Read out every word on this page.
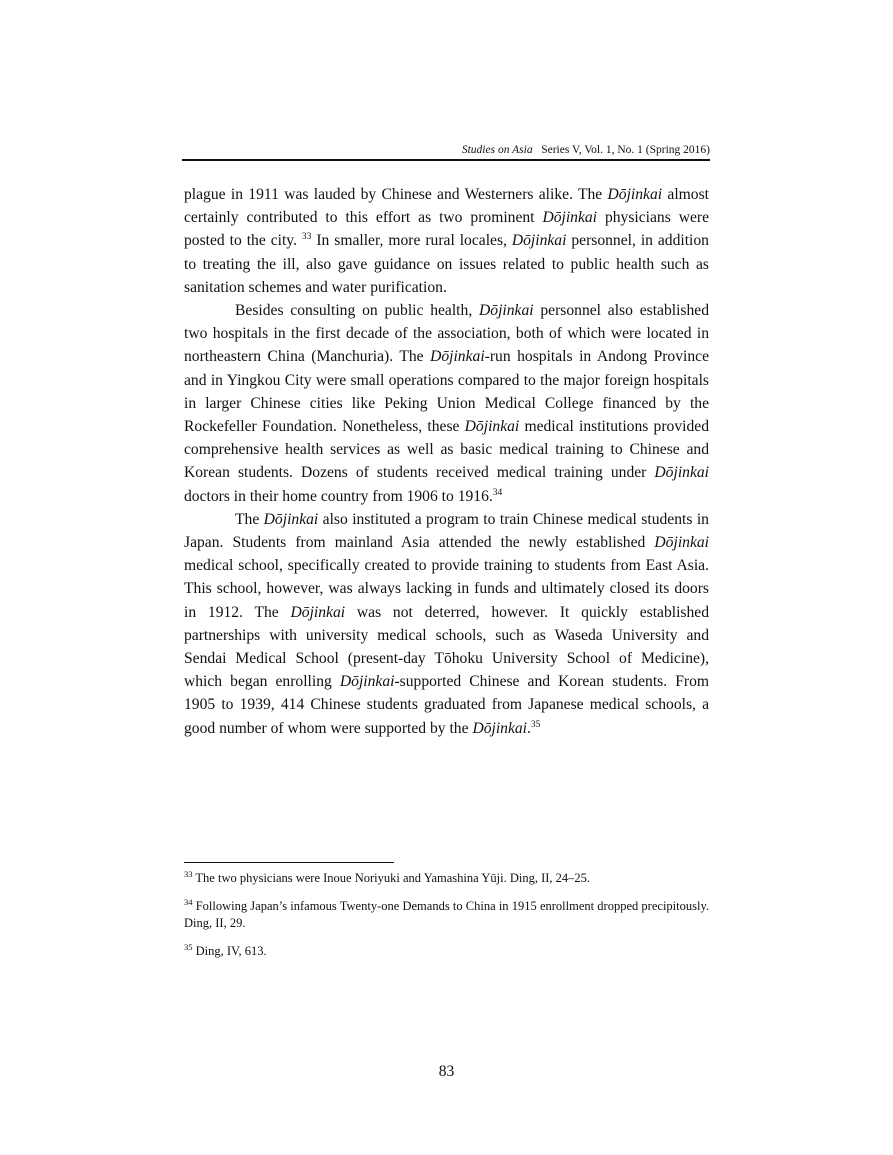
Studies on Asia Series V, Vol. 1, No. 1 (Spring 2016)

plague in 1911 was lauded by Chinese and Westerners alike. The Dōjinkai almost certainly contributed to this effort as two prominent Dōjinkai physicians were posted to the city. $^{33}$ In smaller, more rural locales, Dōjinkai personnel, in addition to treating the ill, also gave guidance on issues related to public health such as sanitation schemes and water purification.

Besides consulting on public health, Dōjinkai personnel also established two hospitals in the first decade of the association, both of which were located in northeastern China (Manchuria). The Dōjinkai-run hospitals in Andong Province and in Yingkou City were small operations compared to the major foreign hospitals in larger Chinese cities like Peking Union Medical College financed by the Rockefeller Foundation. Nonetheless, these Dōjinkai medical institutions provided comprehensive health services as well as basic medical training to Chinese and Korean students. Dozens of students received medical training under Dōjinkai doctors in their home country from 1906 to 1916.34

The Dōjinkai also instituted a program to train Chinese medical students in Japan. Students from mainland Asia attended the newly established Dōjinkai medical school, specifically created to provide training to students from East Asia. This school, however, was always lacking in funds and ultimately closed its doors in 1912. The Dōjinkai was not deterred, however. It quickly established partnerships with university medical schools, such as Waseda University and Sendai Medical School (present-day Tōhoku University School of Medicine), which began enrolling Dōjinkai-supported Chinese and Korean students. From 1905 to 1939, 414 Chinese students graduated from Japanese medical schools, a good number of whom were supported by the Dōjinkai.$^{35}$

$^{33}$ The two physicians were Inoue Noriyuki and Yamashina Yūji. Ding, II, 24–25.

$^{34}$ Following Japan’s infamous Twenty-one Demands to China in 1915 enrollment dropped precipitously. Ding, II, 29.

$^{35}$ Ding, IV, 613.

83
